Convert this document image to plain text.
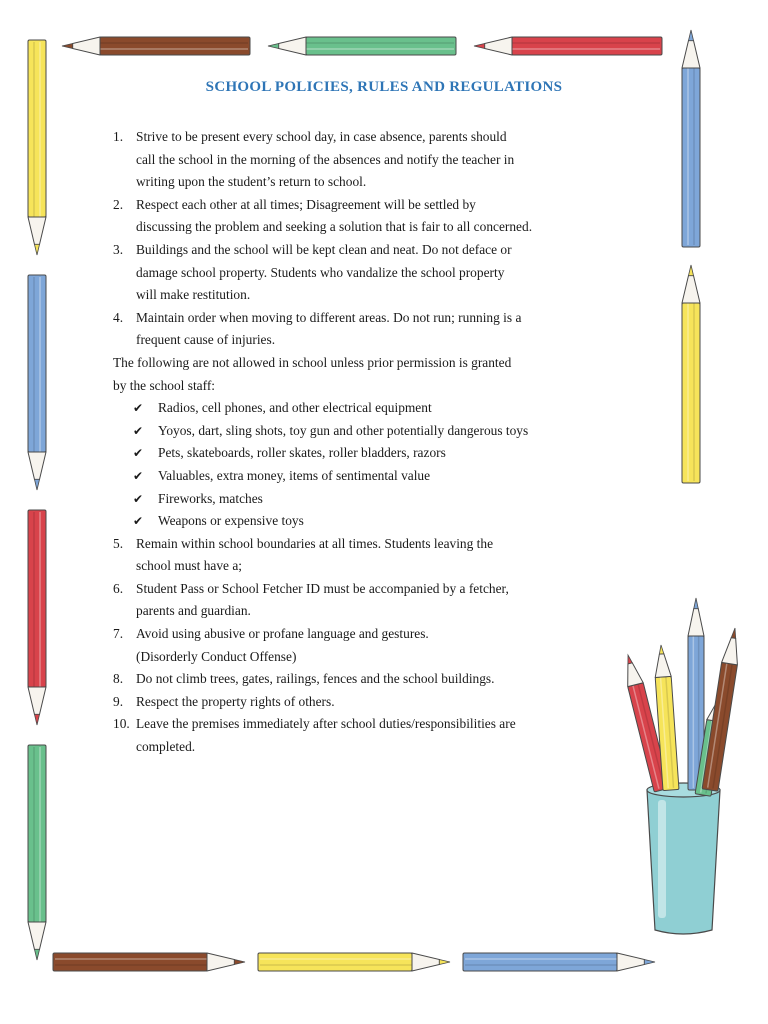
SCHOOL POLICIES, RULES AND REGULATIONS
1. Strive to be present every school day, in case absence, parents should
call the school in the morning of the absences and notify the teacher in
writing upon the student’s return to school.
2. Respect each other at all times; Disagreement will be settled by
discussing the problem and seeking a solution that is fair to all concerned.
3. Buildings and the school will be kept clean and neat. Do not deface or
damage school property. Students who vandalize the school property
will make restitution.
4. Maintain order when moving to different areas. Do not run; running is a
frequent cause of injuries.
The following are not allowed in school unless prior permission is granted
by the school staff:
✔ Radios, cell phones, and other electrical equipment
✔ Yoyos, dart, sling shots, toy gun and other potentially dangerous toys
✔ Pets, skateboards, roller skates, roller bladders, razors
✔ Valuables, extra money, items of sentimental value
✔ Fireworks, matches
✔ Weapons or expensive toys
5. Remain within school boundaries at all times. Students leaving the
school must have a;
6. Student Pass or School Fetcher ID must be accompanied by a fetcher,
parents and guardian.
7. Avoid using abusive or profane language and gestures.
(Disorderly Conduct Offense)
8. Do not climb trees, gates, railings, fences and the school buildings.
9. Respect the property rights of others.
10. Leave the premises immediately after school duties/responsibilities are
completed.
